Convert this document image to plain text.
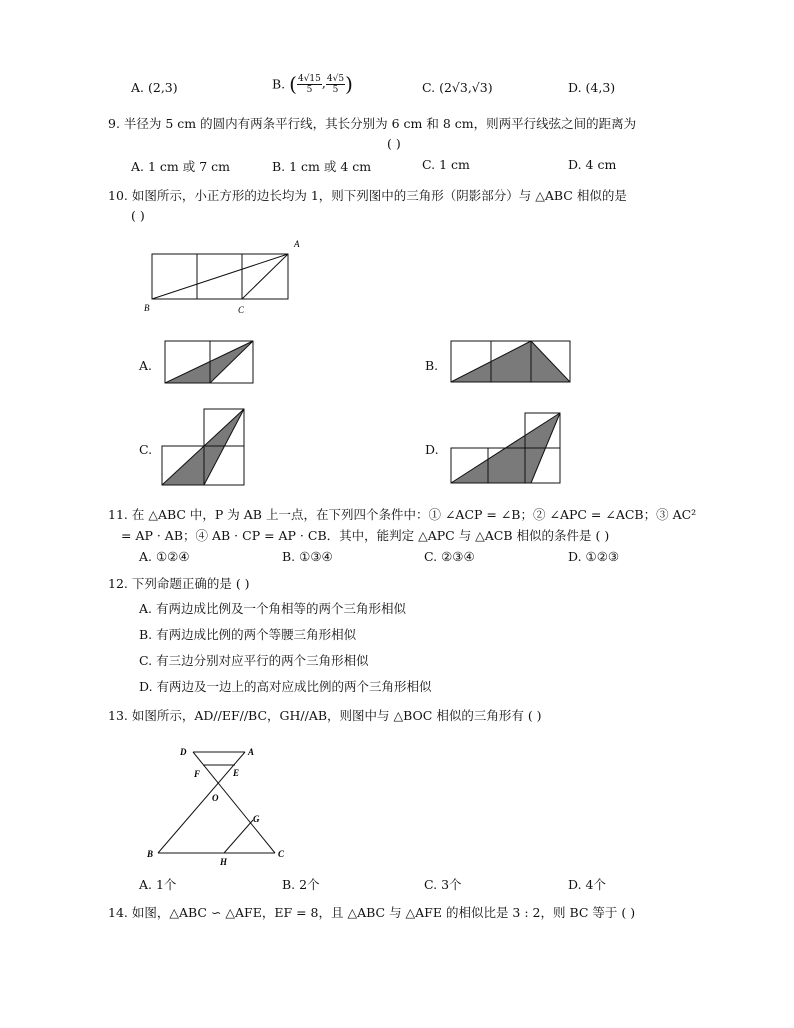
A. (2,3)	B. ( $\frac{4√15}{5}$ , $\frac{4√5}{5}$ )	C. (2√3,√3)	D. (4,3)
9. 半径为 5 cm 的圆内有两条平行线，其长分别为 6 cm 和 8 cm，则两平行线弦之间的距离为
( )
A. 1 cm 或 7 cm	B. 1 cm 或 4 cm	C. 1 cm	D. 4 cm
10. 如图所示，小正方形的边长均为 1，则下列图中的三角形（阴影部分）与 △ABC 相似的是
( )
A
B	C
A.	B.
C.	D.
11. 在 △ABC 中，P 为 AB 上一点，在下列四个条件中：① ∠ACP = ∠B；② ∠APC = ∠ACB；③ AC²
= AP · AB；④ AB · CP = AP · CB．其中，能判定 △APC 与 △ACB 相似的条件是 ( )
A. ①②④	B. ①③④	C. ②③④	D. ①②③
12. 下列命题正确的是 ( )
A. 有两边成比例及一个角相等的两个三角形相似
B. 有两边成比例的两个等腰三角形相似
C. 有三边分别对应平行的两个三角形相似
D. 有两边及一边上的高对应成比例的两个三角形相似
13. 如图所示，AD//EF//BC，GH//AB，则图中与 △BOC 相似的三角形有 ( )
D	A
F	E
O
G
B
H
C
A. 1个	B. 2个	C. 3个	D. 4个
14. 如图，△ABC ∽ △AFE，EF = 8，且 △ABC 与 △AFE 的相似比是 3 : 2，则 BC 等于 ( )
